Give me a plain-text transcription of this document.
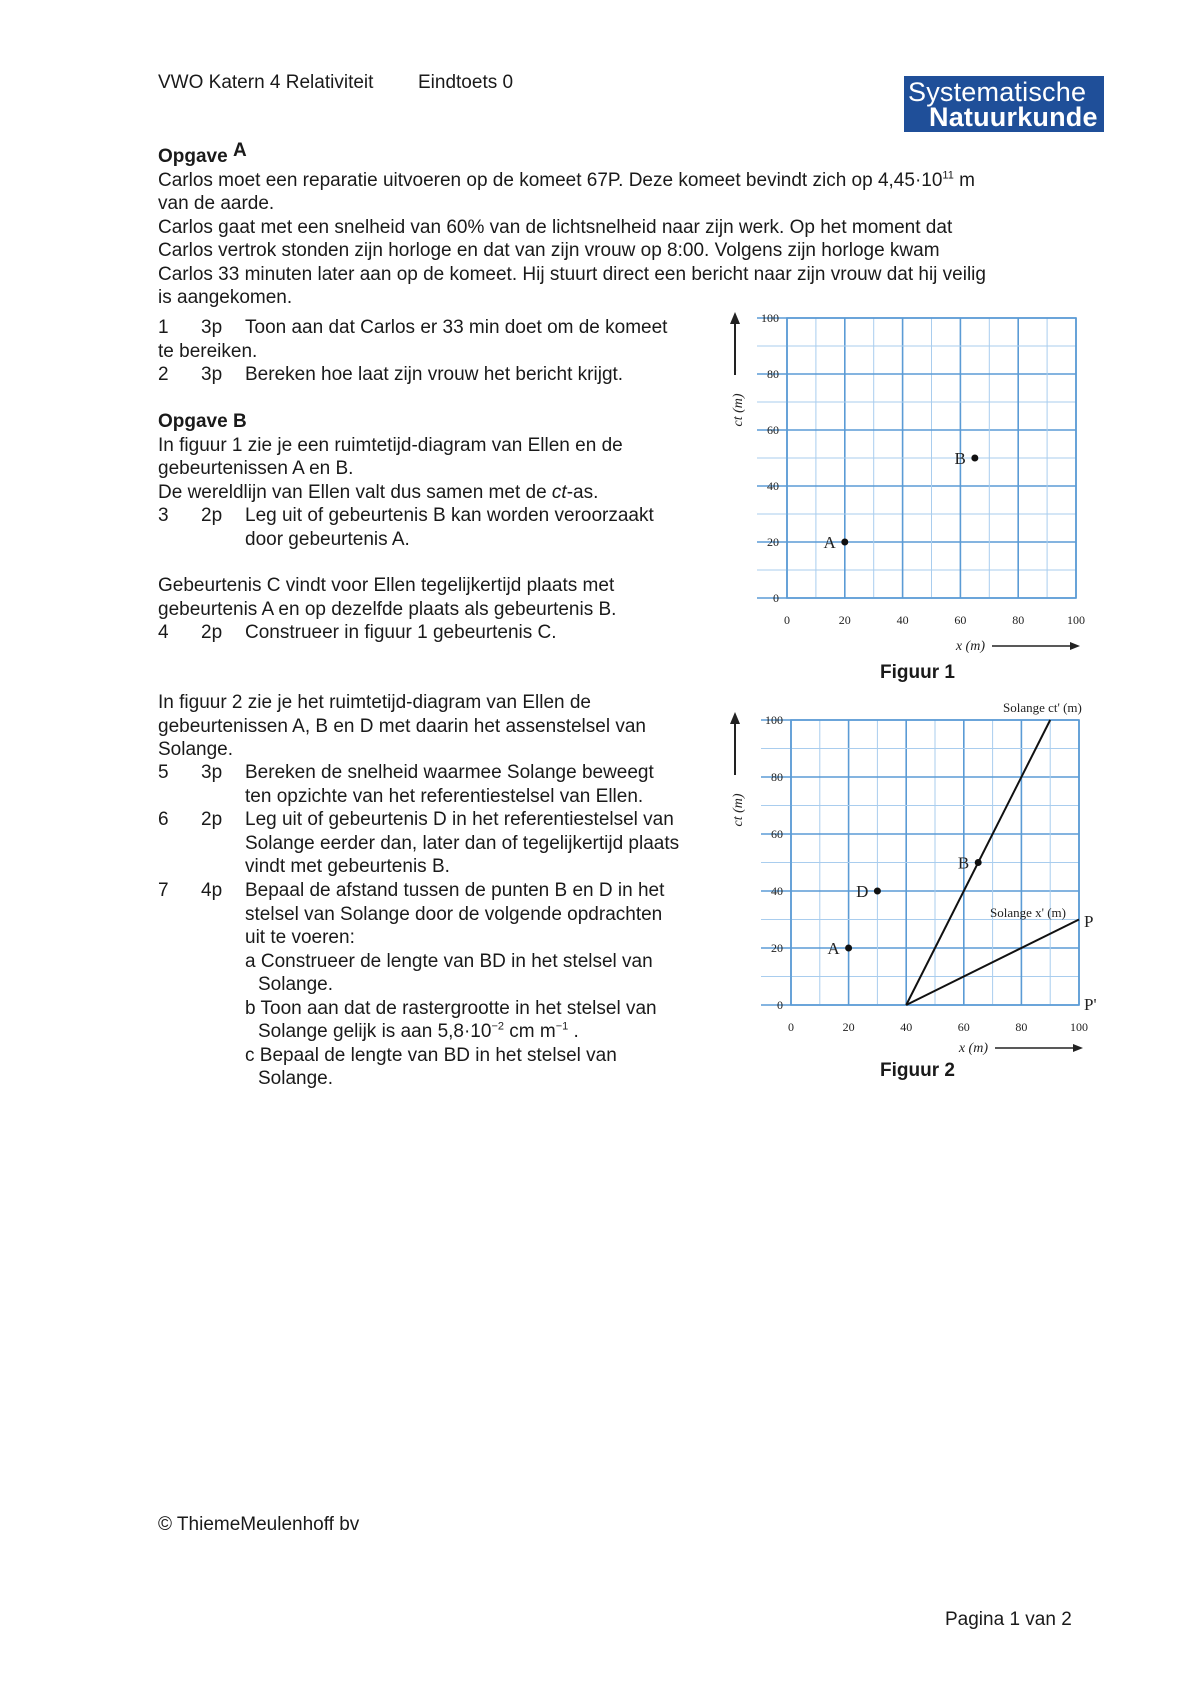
VWO Katern 4 Relativiteit Eindtoets 0	Systematische
Natuurkunde
Opgave A
Carlos moet een reparatie uitvoeren op de komeet 67P. Deze komeet bevindt zich op $4,45\cdot 10^{11}$ m
van de aarde.
Carlos gaat met een snelheid van 60% van de lichtsnelheid naar zijn werk. Op het moment dat
Carlos vertrok stonden zijn horloge en dat van zijn vrouw op 8:00. Volgens zijn horloge kwam
Carlos 33 minuten later aan op de komeet. Hij stuurt direct een bericht naar zijn vrouw dat hij veilig
is aangekomen.
1 3p Toon aan dat Carlos er 33 min doet om de komeet
te bereiken.
2 3p Bereken hoe laat zijn vrouw het bericht krijgt.
Opgave B
In figuur 1 zie je een ruimtetijd-diagram van Ellen en de
gebeurtenissen A en B.
De wereldlijn van Ellen valt dus samen met de ct-as.
3 2p Leg uit of gebeurtenis B kan worden veroorzaakt
door gebeurtenis A.
Gebeurtenis C vindt voor Ellen tegelijkertijd plaats met
gebeurtenis A en op dezelfde plaats als gebeurtenis B.
4 2p Construeer in figuur 1 gebeurtenis C.
In figuur 2 zie je het ruimtetijd-diagram van Ellen de
gebeurtenissen A, B en D met daarin het assenstelsel van
Solange.
5 3p Bereken de snelheid waarmee Solange beweegt
ten opzichte van het referentiestelsel van Ellen.
6 2p Leg uit of gebeurtenis D in het referentiestelsel van
Solange eerder dan, later dan of tegelijkertijd plaats
vindt met gebeurtenis B.
7 4p Bepaal de afstand tussen de punten B en D in het
stelsel van Solange door de volgende opdrachten
uit te voeren:
a Construeer de lengte van BD in het stelsel van
Solange.
b Toon aan dat de rastergrootte in het stelsel van
Solange gelijk is aan $5,8\cdot 10^{-2}$ cm $m^{-1}$ .
c Bepaal de lengte van BD in het stelsel van
Solange.
ct (m)
x (m)
0
0
20
20
40
40
60
60
80
80
100
100
A
B
Figuur 1
ct (m)
x (m)
0
0
20
20
40
40
60
60
80
80
100
100
A
D
B
Solange ct' (m)
Solange x' (m) P
P'
Figuur 2
© ThiemeMeulenhoff bv
Pagina 1 van 2
